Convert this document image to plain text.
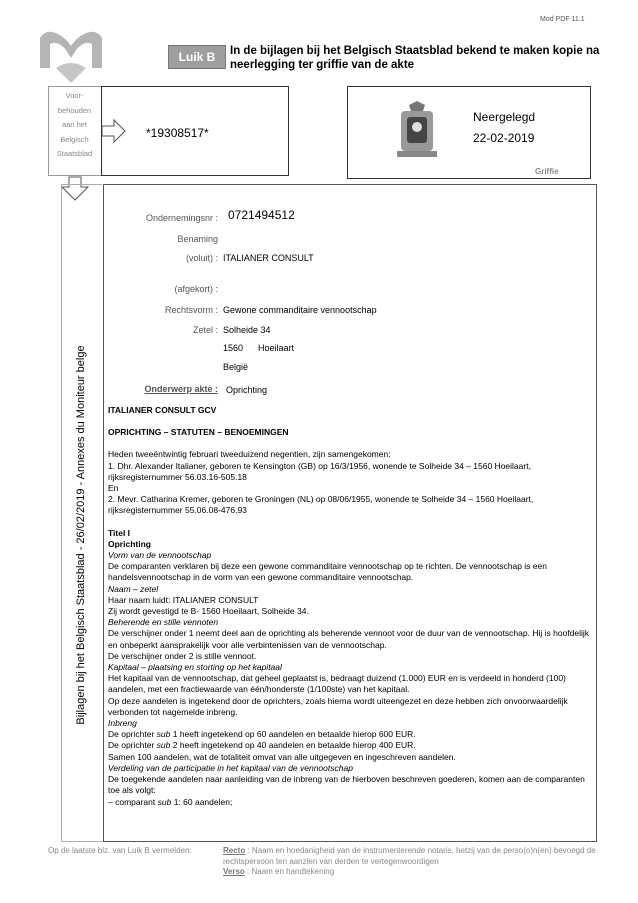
Mod PDF 11.1
Luik B	In de bijlagen bij het Belgisch Staatsblad bekend te maken kopie na neerlegging ter griffie van de akte
Voor-
behouden
aan het
Belgisch
Staatsblad
*19308517*
Neergelegd
22-02-2019
Griffie
Bijlagen bij het Belgisch Staatsblad - 26/02/2019 - Annexes du Moniteur belge
Ondernemingsnr : 0721494512
Benaming
(voluit) : ITALIANER CONSULT
(afgekort) :
Rechtsvorm : Gewone commanditaire vennootschap
Zetel : Solheide 34
1560 Hoeilaart
België
Onderwerp akte : Oprichting

ITALIANER CONSULT GCV

OPRICHTING – STATUTEN – BENOEMINGEN

Heden tweeëntwintig februari tweeduizend negentien, zijn samengekomen:

1. Dhr. Alexander Italianer, geboren te Kensington (GB) op 16/3/1956, wonende te Solheide 34 – 1560 Hoeilaart, rijksregisternummer 56.03.16-505.18

En

2. Mevr. Catharina Kremer, geboren te Groningen (NL) op 08/06/1955, wonende te Solheide 34 – 1560 Hoeilaart, rijksregisternummer 55.06.08-476.93

Titel I

Oprichting

Vorm van de vennootschap

De comparanten verklaren bij deze een gewone commanditaire vennootschap op te richten. De vennootschap is een handelsvennootschap in de vorm van een gewone commanditaire vennootschap.

Naam – zetel

Haar naam luidt: ITALIANER CONSULT

Zij wordt gevestigd te B- 1560 Hoeilaart, Solheide 34.

Beherende en stille vennoten

De verschijner onder 1 neemt deel aan de oprichting als beherende vennoot voor de duur van de vennootschap. Hij is hoofdelijk en onbeperkt aansprakelijk voor alle verbintenissen van de vennootschap.

De verschijner onder 2 is stille vennoot.

Kapitaal – plaatsing en storting op het kapitaal

Het kapitaal van de vennootschap, dat geheel geplaatst is, bedraagt duizend (1.000) EUR en is verdeeld in honderd (100) aandelen, met een fractiewaarde van één/honderste (1/100ste) van het kapitaal.

Op deze aandelen is ingetekend door de oprichters, zoals hierna wordt uiteengezet en deze hebben zich onvoorwaardelijk verbonden tot nagemelde inbreng.

Inbreng

De oprichter sub 1 heeft ingetekend op 60 aandelen en betaalde hierop 600 EUR.

De oprichter sub 2 heeft ingetekend op 40 aandelen en betaalde hierop 400 EUR.

Samen 100 aandelen, wat de totaliteit omvat van alle uitgegeven en ingeschreven aandelen.

Verdeling van de participatie in het kapitaal van de vennootschap

De toegekende aandelen naar aanleiding van de inbreng van de hierboven beschreven goederen, komen aan de comparanten toe als volgt:

– comparant sub 1: 60 aandelen;

Op de laatste blz. van Luik B vermelden:	Recto : Naam en hoedanigheid van de instrumenterende notaris, hetzij van de perso(o)n(en) bevoegd de rechtspersoon ten aanzien van derden te vertegenwoordigen
Verso : Naam en handtekening
